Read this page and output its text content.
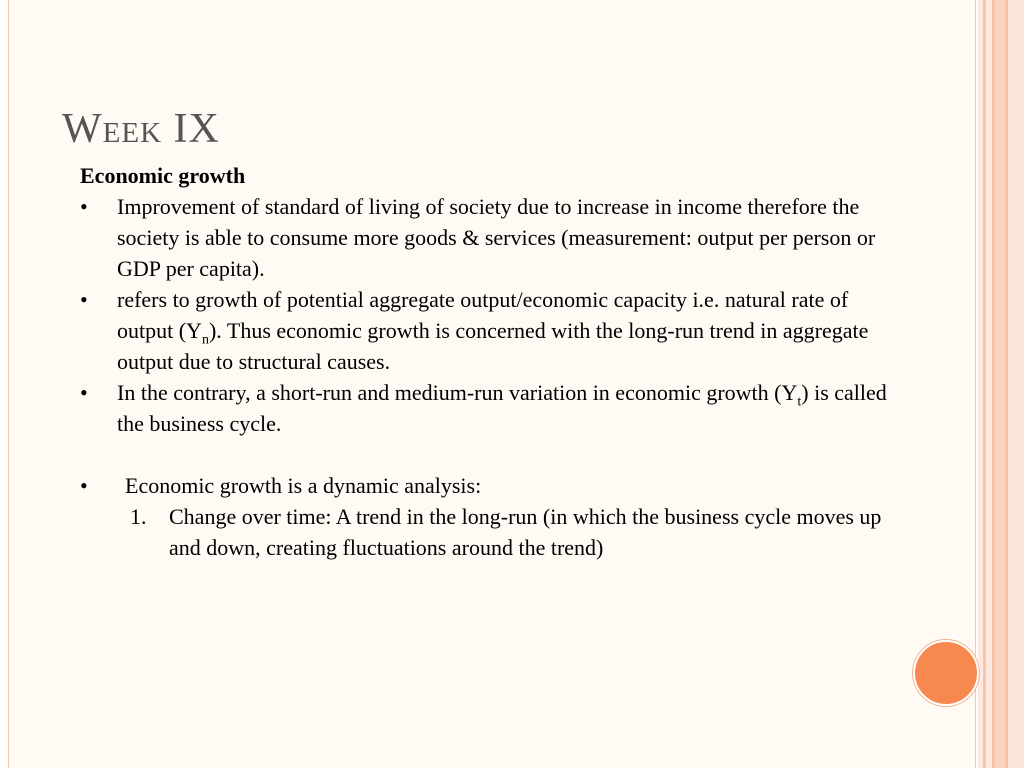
Week IX
Economic growth
•	Improvement of standard of living of society due to increase in income therefore the society is able to consume more goods & services (measurement: output per person or GDP per capita).
•	refers to growth of potential aggregate output/economic capacity i.e. natural rate of output $(Y_n)$. Thus economic growth is concerned with the long-run trend in aggregate output due to structural causes.
•	In the contrary, a short-run and medium-run variation in economic growth $(Y_t)$ is called the business cycle.
• Economic growth is a dynamic analysis:
1. Change over time: A trend in the long-run (in which the business cycle moves up and down, creating fluctuations around the trend)
